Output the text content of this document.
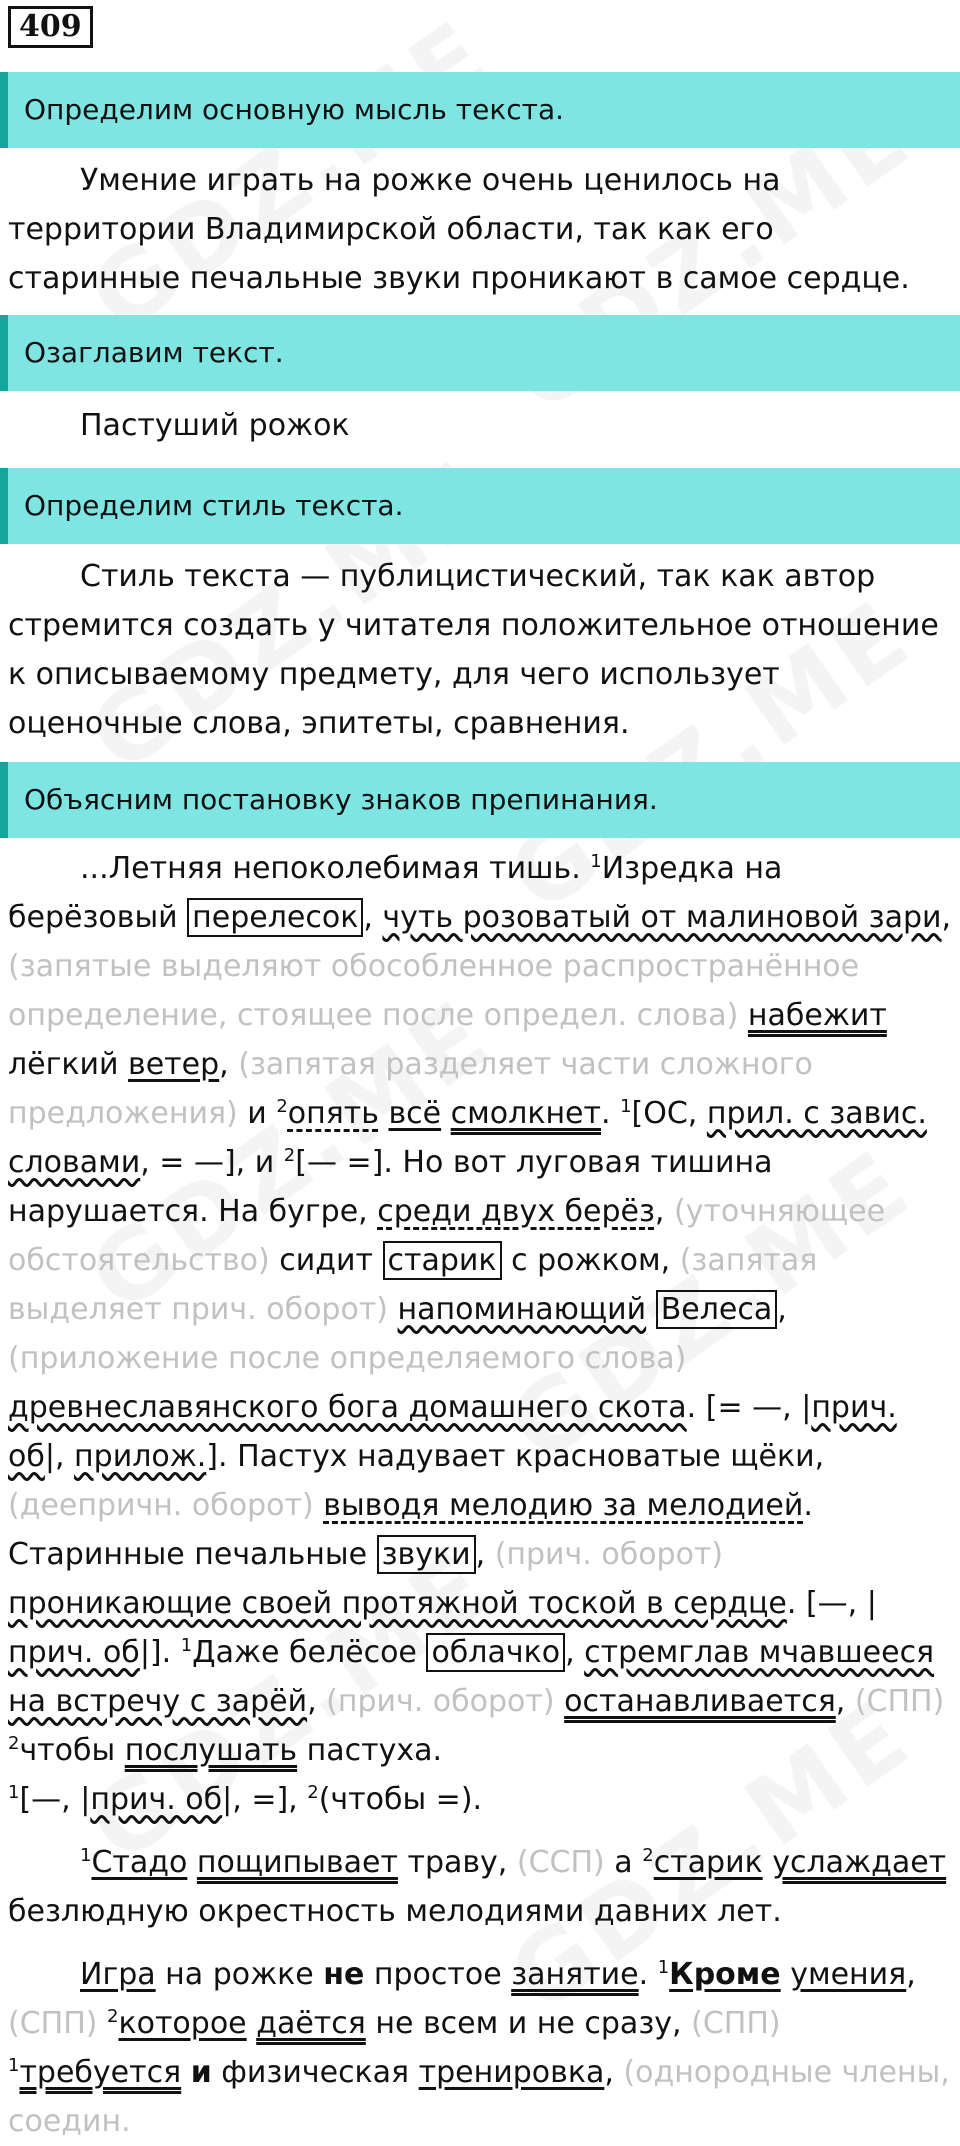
409
Определим основную мысль текста.

Умение играть на рожке очень ценилось на территории Владимирской области, так как его старинные печальные звуки проникают в самое сердце.

Озаглавим текст.

Пастуший рожок

Определим стиль текста.

Стиль текста — публицистический, так как автор стремится создать у читателя положительное отношение к описываемому предмету, для чего использует оценочные слова, эпитеты, сравнения.

Объясним постановку знаков препинания.

...Летняя непоколебимая тишь. $^1$Изредка на берёзовый перелесок , чуть розоватый от малиновой зари, (запятые выделяют обособленное распространённое определение, стоящее после определ. слова) набежит лёгкий ветер, (запятая разделяет части сложного предложения) и $^2$опять всё смолкнет. $^1$[ОС, прил. с завис. словами, = —], и $^2$[— =]. Но вот луговая тишина нарушается. На бугре, среди двух берёз, (уточняющее обстоятельство) сидит старик с рожком, (запятая выделяет прич. оборот) напоминающий Велеса , (приложение после определяемого слова) древнеславянского бога домашнего скота. [= —, |прич. об|, прилож.]. Пастух надувает красноватые щёки, (деепричн. оборот) выводя мелодию за мелодией. Старинные печальные звуки , (прич. оборот) проникающие своей протяжной тоской в сердце. [—, |прич. об|]. $^1$Даже белёсое облачко , стремглав мчавшееся на встречу с зарёй, (прич. оборот) останавливается, (СПП) $^2$чтобы послушать пастуха.
$^1$[—, |прич. об|, =], $^2$(чтобы =).

$^1$Стадо пощипывает траву, (ССП) а $^2$старик услаждает безлюдную окрестность мелодиями давних лет.

Игра на рожке не простое занятие. $^1$Кроме умения, (СПП) $^2$которое даётся не всем и не сразу, (СПП) $^1$требуется и физическая тренировка, (однородные члены, соедин.
